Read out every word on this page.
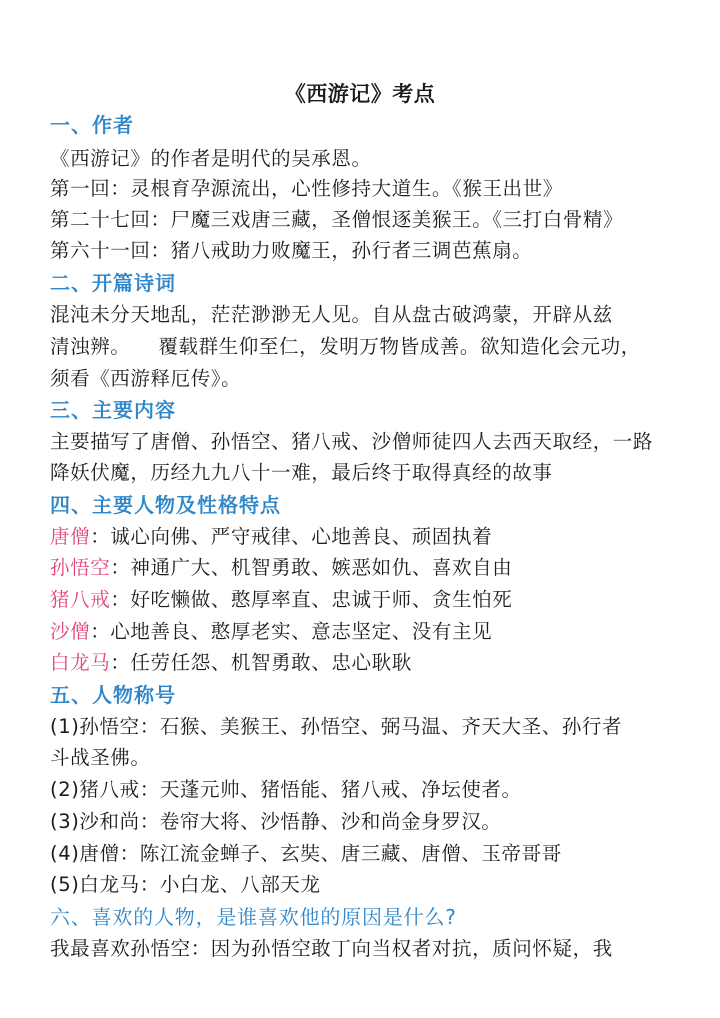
《西游记》考点
一、作者
《西游记》的作者是明代的吴承恩。
第一回：灵根育孕源流出，心性修持大道生。《猴王出世》
第二十七回：尸魔三戏唐三藏，圣僧恨逐美猴王。《三打白骨精》
第六十一回：猪八戒助力败魔王，孙行者三调芭蕉扇。
二、开篇诗词
混沌未分天地乱，茫茫渺渺无人见。自从盘古破鸿蒙，开辟从兹
清浊辨。 覆载群生仰至仁，发明万物皆成善。欲知造化会元功，
须看《西游释厄传》。
三、主要内容
主要描写了唐僧、孙悟空、猪八戒、沙僧师徒四人去西天取经，一路
降妖伏魔，历经九九八十一难，最后终于取得真经的故事
四、主要人物及性格特点
唐僧：诚心向佛、严守戒律、心地善良、顽固执着
孙悟空：神通广大、机智勇敢、嫉恶如仇、喜欢自由
猪八戒：好吃懒做、憨厚率直、忠诚于师、贪生怕死
沙僧：心地善良、憨厚老实、意志坚定、没有主见
白龙马：任劳任怨、机智勇敢、忠心耿耿
五、人物称号
(1)孙悟空：石猴、美猴王、孙悟空、弼马温、齐天大圣、孙行者
斗战圣佛。
(2)猪八戒：天蓬元帅、猪悟能、猪八戒、净坛使者。
(3)沙和尚：卷帘大将、沙悟静、沙和尚金身罗汉。
(4)唐僧：陈江流金蝉子、玄奘、唐三藏、唐僧、玉帝哥哥
(5)白龙马：小白龙、八部天龙
六、喜欢的人物，是谁喜欢他的原因是什么?
我最喜欢孙悟空：因为孙悟空敢丁向当权者对抗，质问怀疑，我
